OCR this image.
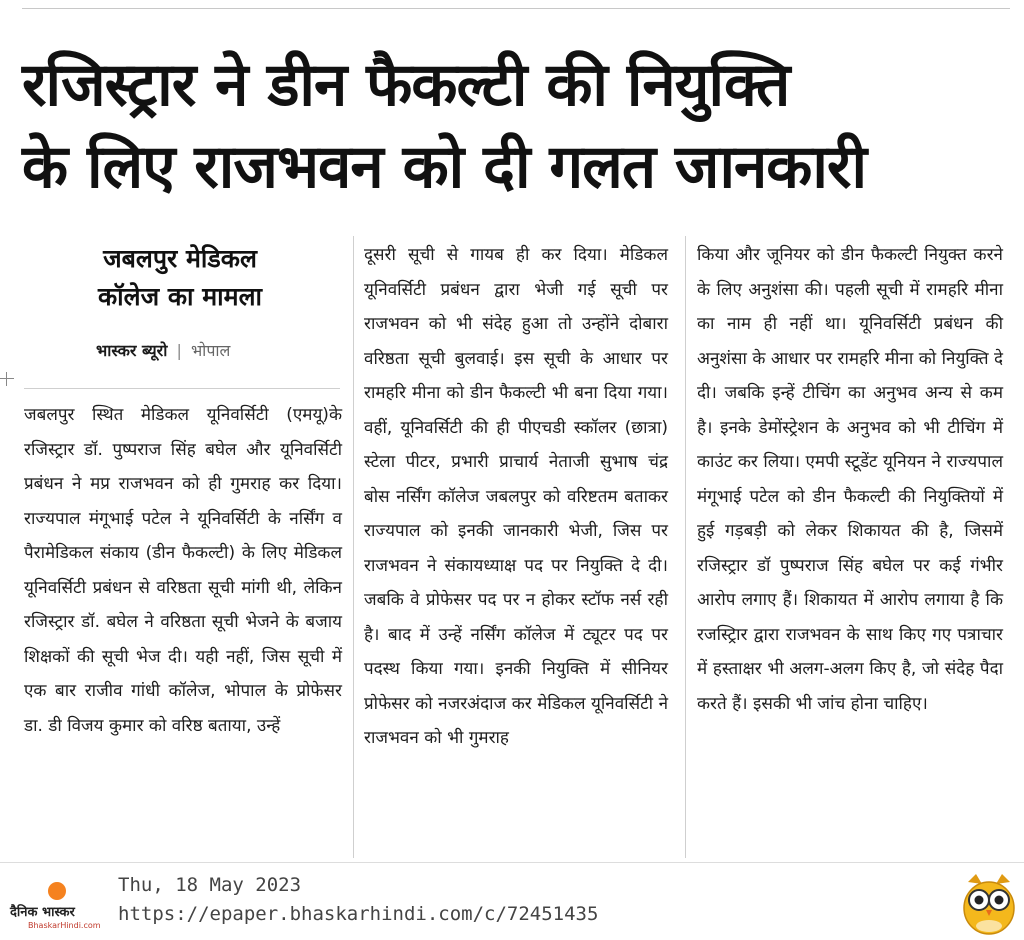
रजिस्ट्रार ने डीन फैकल्टी की नियुक्ति
के लिए राजभवन को दी गलत जानकारी
जबलपुर मेडिकल
कॉलेज का मामला
भास्कर ब्यूरो | भोपाल

जबलपुर स्थित मेडिकल यूनिवर्सिटी (एमयू)के रजिस्ट्रार डॉ. पुष्पराज सिंह बघेल और यूनिवर्सिटी प्रबंधन ने मप्र राजभवन को ही गुमराह कर दिया। राज्यपाल मंगूभाई पटेल ने यूनिवर्सिटी के नर्सिंग व पैरामेडिकल संकाय (डीन फैकल्टी) के लिए मेडिकल यूनिवर्सिटी प्रबंधन से वरिष्ठता सूची मांगी थी, लेकिन रजिस्ट्रार डॉ. बघेल ने वरिष्ठता सूची भेजने के बजाय शिक्षकों की सूची भेज दी। यही नहीं, जिस सूची में एक बार राजीव गांधी कॉलेज, भोपाल के प्रोफेसर डा. डी विजय कुमार को वरिष्ठ बताया, उन्हें

दूसरी सूची से गायब ही कर दिया। मेडिकल यूनिवर्सिटी प्रबंधन द्वारा भेजी गई सूची पर राजभवन को भी संदेह हुआ तो उन्होंने दोबारा वरिष्ठता सूची बुलवाई। इस सूची के आधार पर रामहरि मीना को डीन फैकल्टी भी बना दिया गया। वहीं, यूनिवर्सिटी की ही पीएचडी स्कॉलर (छात्रा) स्टेला पीटर, प्रभारी प्राचार्य नेताजी सुभाष चंद्र बोस नर्सिंग कॉलेज जबलपुर को वरिष्टतम बताकर राज्यपाल को इनकी जानकारी भेजी, जिस पर राजभवन ने संकायध्याक्ष पद पर नियुक्ति दे दी। जबकि वे प्रोफेसर पद पर न होकर स्टॉफ नर्स रही है। बाद में उन्हें नर्सिंग कॉलेज में ट्यूटर पद पर पदस्थ किया गया। इनकी नियुक्ति में सीनियर प्रोफेसर को नजरअंदाज कर मेडिकल यूनिवर्सिटी ने राजभवन को भी गुमराह

किया और जूनियर को डीन फैकल्टी नियुक्त करने के लिए अनुशंसा की। पहली सूची में रामहरि मीना का नाम ही नहीं था। यूनिवर्सिटी प्रबंधन की अनुशंसा के आधार पर रामहरि मीना को नियुक्ति दे दी। जबकि इन्हें टीचिंग का अनुभव अन्य से कम है। इनके डेमोंस्ट्रेशन के अनुभव को भी टीचिंग में काउंट कर लिया। एमपी स्टूडेंट यूनियन ने राज्यपाल मंगूभाई पटेल को डीन फैकल्टी की नियुक्तियों में हुई गड़बड़ी को लेकर शिकायत की है, जिसमें रजिस्ट्रार डॉ पुष्पराज सिंह बघेल पर कई गंभीर आरोप लगाए हैं। शिकायत में आरोप लगाया है कि रजस्ट्रिार द्वारा राजभवन के साथ किए गए पत्राचार में हस्ताक्षर भी अलग-अलग किए है, जो संदेह पैदा करते हैं। इसकी भी जांच होना चाहिए।

दैनिक भास्कर
BhaskarHindi.com
Thu, 18 May 2023
https://epaper.bhaskarhindi.com/c/72451435
